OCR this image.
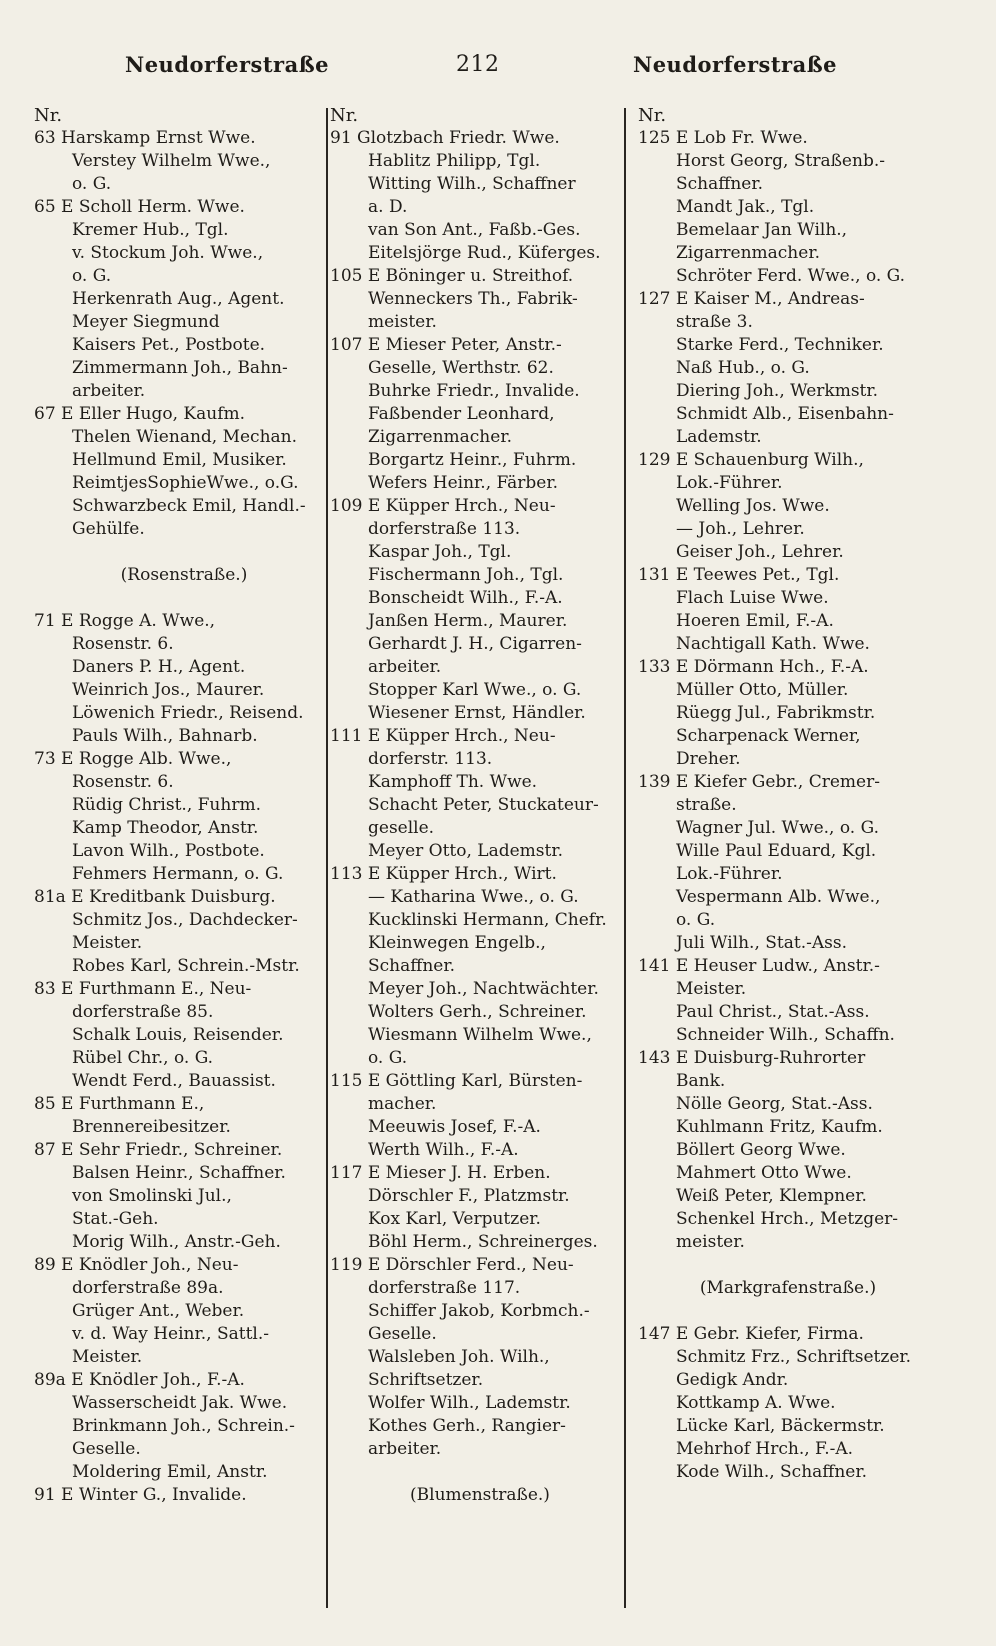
Neudorferstraße	212	Neudorferstraße
Nr.
63 Harskamp Ernst Wwe.
Verstey Wilhelm Wwe.,
o. G.
65 E Scholl Herm. Wwe.
Kremer Hub., Tgl.
v. Stockum Joh. Wwe.,
o. G.
Herkenrath Aug., Agent.
Meyer Siegmund
Kaisers Pet., Postbote.
Zimmermann Joh., Bahn-
arbeiter.
67 E Eller Hugo, Kaufm.
Thelen Wienand, Mechan.
Hellmund Emil, Musiker.
ReimtjesSophieWwe., o.G.
Schwarzbeck Emil, Handl.-
Gehülfe.
(Rosenstraße.)
71 E Rogge A. Wwe.,
Rosenstr. 6.
Daners P. H., Agent.
Weinrich Jos., Maurer.
Löwenich Friedr., Reisend.
Pauls Wilh., Bahnarb.
73 E Rogge Alb. Wwe.,
Rosenstr. 6.
Rüdig Christ., Fuhrm.
Kamp Theodor, Anstr.
Lavon Wilh., Postbote.
Fehmers Hermann, o. G.
81a E Kreditbank Duisburg.
Schmitz Jos., Dachdecker-
Meister.
Robes Karl, Schrein.-Mstr.
83 E Furthmann E., Neu-
dorferstraße 85.
Schalk Louis, Reisender.
Rübel Chr., o. G.
Wendt Ferd., Bauassist.
85 E Furthmann E.,
Brennereibesitzer.
87 E Sehr Friedr., Schreiner.
Balsen Heinr., Schaffner.
von Smolinski Jul.,
Stat.-Geh.
Morig Wilh., Anstr.-Geh.
89 E Knödler Joh., Neu-
dorferstraße 89a.
Grüger Ant., Weber.
v. d. Way Heinr., Sattl.-
Meister.
89a E Knödler Joh., F.-A.
Wasserscheidt Jak. Wwe.
Brinkmann Joh., Schrein.-
Geselle.
Moldering Emil, Anstr.
91 E Winter G., Invalide.
Nr.
91 Glotzbach Friedr. Wwe.
Hablitz Philipp, Tgl.
Witting Wilh., Schaffner
a. D.
van Son Ant., Faßb.-Ges.
Eitelsjörge Rud., Küferges.
105 E Böninger u. Streithof.
Wenneckers Th., Fabrik-
meister.
107 E Mieser Peter, Anstr.-
Geselle, Werthstr. 62.
Buhrke Friedr., Invalide.
Faßbender Leonhard,
Zigarrenmacher.
Borgartz Heinr., Fuhrm.
Wefers Heinr., Färber.
109 E Küpper Hrch., Neu-
dorferstraße 113.
Kaspar Joh., Tgl.
Fischermann Joh., Tgl.
Bonscheidt Wilh., F.-A.
Janßen Herm., Maurer.
Gerhardt J. H., Cigarren-
arbeiter.
Stopper Karl Wwe., o. G.
Wiesener Ernst, Händler.
111 E Küpper Hrch., Neu-
dorferstr. 113.
Kamphoff Th. Wwe.
Schacht Peter, Stuckateur-
geselle.
Meyer Otto, Lademstr.
113 E Küpper Hrch., Wirt.
— Katharina Wwe., o. G.
Kucklinski Hermann, Chefr.
Kleinwegen Engelb.,
Schaffner.
Meyer Joh., Nachtwächter.
Wolters Gerh., Schreiner.
Wiesmann Wilhelm Wwe.,
o. G.
115 E Göttling Karl, Bürsten-
macher.
Meeuwis Josef, F.-A.
Werth Wilh., F.-A.
117 E Mieser J. H. Erben.
Dörschler F., Platzmstr.
Kox Karl, Verputzer.
Böhl Herm., Schreinerges.
119 E Dörschler Ferd., Neu-
dorferstraße 117.
Schiffer Jakob, Korbmch.-
Geselle.
Walsleben Joh. Wilh.,
Schriftsetzer.
Wolfer Wilh., Lademstr.
Kothes Gerh., Rangier-
arbeiter.
(Blumenstraße.)
Nr.
125 E Lob Fr. Wwe.
Horst Georg, Straßenb.-
Schaffner.
Mandt Jak., Tgl.
Bemelaar Jan Wilh.,
Zigarrenmacher.
Schröter Ferd. Wwe., o. G.
127 E Kaiser M., Andreas-
straße 3.
Starke Ferd., Techniker.
Naß Hub., o. G.
Diering Joh., Werkmstr.
Schmidt Alb., Eisenbahn-
Lademstr.
129 E Schauenburg Wilh.,
Lok.-Führer.
Welling Jos. Wwe.
— Joh., Lehrer.
Geiser Joh., Lehrer.
131 E Teewes Pet., Tgl.
Flach Luise Wwe.
Hoeren Emil, F.-A.
Nachtigall Kath. Wwe.
133 E Dörmann Hch., F.-A.
Müller Otto, Müller.
Rüegg Jul., Fabrikmstr.
Scharpenack Werner,
Dreher.
139 E Kiefer Gebr., Cremer-
straße.
Wagner Jul. Wwe., o. G.
Wille Paul Eduard, Kgl.
Lok.-Führer.
Vespermann Alb. Wwe.,
o. G.
Juli Wilh., Stat.-Ass.
141 E Heuser Ludw., Anstr.-
Meister.
Paul Christ., Stat.-Ass.
Schneider Wilh., Schaffn.
143 E Duisburg-Ruhrorter
Bank.
Nölle Georg, Stat.-Ass.
Kuhlmann Fritz, Kaufm.
Böllert Georg Wwe.
Mahmert Otto Wwe.
Weiß Peter, Klempner.
Schenkel Hrch., Metzger-
meister.
(Markgrafenstraße.)
147 E Gebr. Kiefer, Firma.
Schmitz Frz., Schriftsetzer.
Gedigk Andr.
Kottkamp A. Wwe.
Lücke Karl, Bäckermstr.
Mehrhof Hrch., F.-A.
Kode Wilh., Schaffner.
